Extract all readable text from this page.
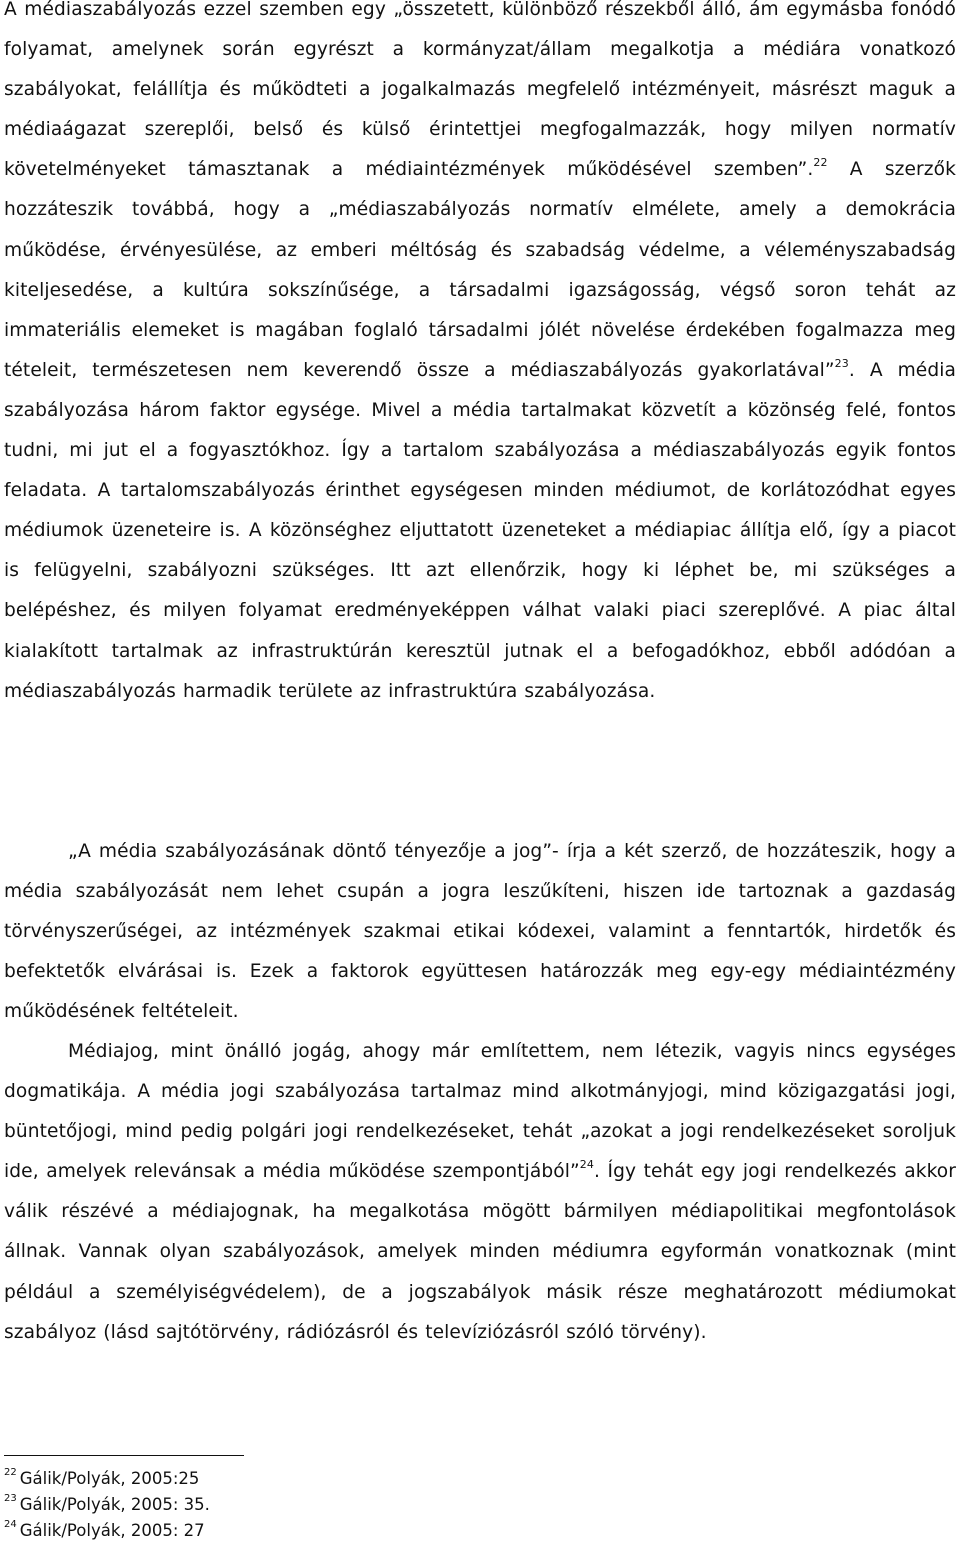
A médiaszabályozás ezzel szemben egy „összetett, különböző részekből álló, ám egymásba fonódó folyamat, amelynek során egyrészt a kormányzat/állam megalkotja a médiára vonatkozó szabályokat, felállítja és működteti a jogalkalmazás megfelelő intézményeit, másrészt maguk a médiaágazat szereplői, belső és külső érintettjei megfogalmazzák, hogy milyen normatív követelményeket támasztanak a médiaintézmények működésével szemben”.$^{22}$ A szerzők hozzáteszik továbbá, hogy a „médiaszabályozás normatív elmélete, amely a demokrácia működése, érvényesülése, az emberi méltóság és szabadság védelme, a véleményszabadság kiteljesedése, a kultúra sokszínűsége, a társadalmi igazságosság, végső soron tehát az immateriális elemeket is magában foglaló társadalmi jólét növelése érdekében fogalmazza meg tételeit, természetesen nem keverendő össze a médiaszabályozás gyakorlatával”$^{23}$. A média szabályozása három faktor egysége. Mivel a média tartalmakat közvetít a közönség felé, fontos tudni, mi jut el a fogyasztókhoz. Így a tartalom szabályozása a médiaszabályozás egyik fontos feladata. A tartalomszabályozás érinthet egységesen minden médiumot, de korlátozódhat egyes médiumok üzeneteire is. A közönséghez eljuttatott üzeneteket a médiapiac állítja elő, így a piacot is felügyelni, szabályozni szükséges. Itt azt ellenőrzik, hogy ki léphet be, mi szükséges a belépéshez, és milyen folyamat eredményeképpen válhat valaki piaci szereplővé. A piac által kialakított tartalmak az infrastruktúrán keresztül jutnak el a befogadókhoz, ebből adódóan a médiaszabályozás harmadik területe az infrastruktúra szabályozása.

„A média szabályozásának döntő tényezője a jog”- írja a két szerző, de hozzáteszik, hogy a média szabályozását nem lehet csupán a jogra leszűkíteni, hiszen ide tartoznak a gazdaság törvényszerűségei, az intézmények szakmai etikai kódexei, valamint a fenntartók, hirdetők és befektetők elvárásai is. Ezek a faktorok együttesen határozzák meg egy-egy médiaintézmény működésének feltételeit.

Médiajog, mint önálló jogág, ahogy már említettem, nem létezik, vagyis nincs egységes dogmatikája. A média jogi szabályozása tartalmaz mind alkotmányjogi, mind közigazgatási jogi, büntetőjogi, mind pedig polgári jogi rendelkezéseket, tehát „azokat a jogi rendelkezéseket soroljuk ide, amelyek relevánsak a média működése szempontjából”$^{24}$. Így tehát egy jogi rendelkezés akkor válik részévé a médiajognak, ha megalkotása mögött bármilyen médiapolitikai megfontolások állnak. Vannak olyan szabályozások, amelyek minden médiumra egyformán vonatkoznak (mint például a személyiségvédelem), de a jogszabályok másik része meghatározott médiumokat szabályoz (lásd sajtótörvény, rádiózásról és televíziózásról szóló törvény).

$^{22}$ Gálik/Polyák, 2005:25

$^{23}$ Gálik/Polyák, 2005: 35.

$^{24}$ Gálik/Polyák, 2005: 27
